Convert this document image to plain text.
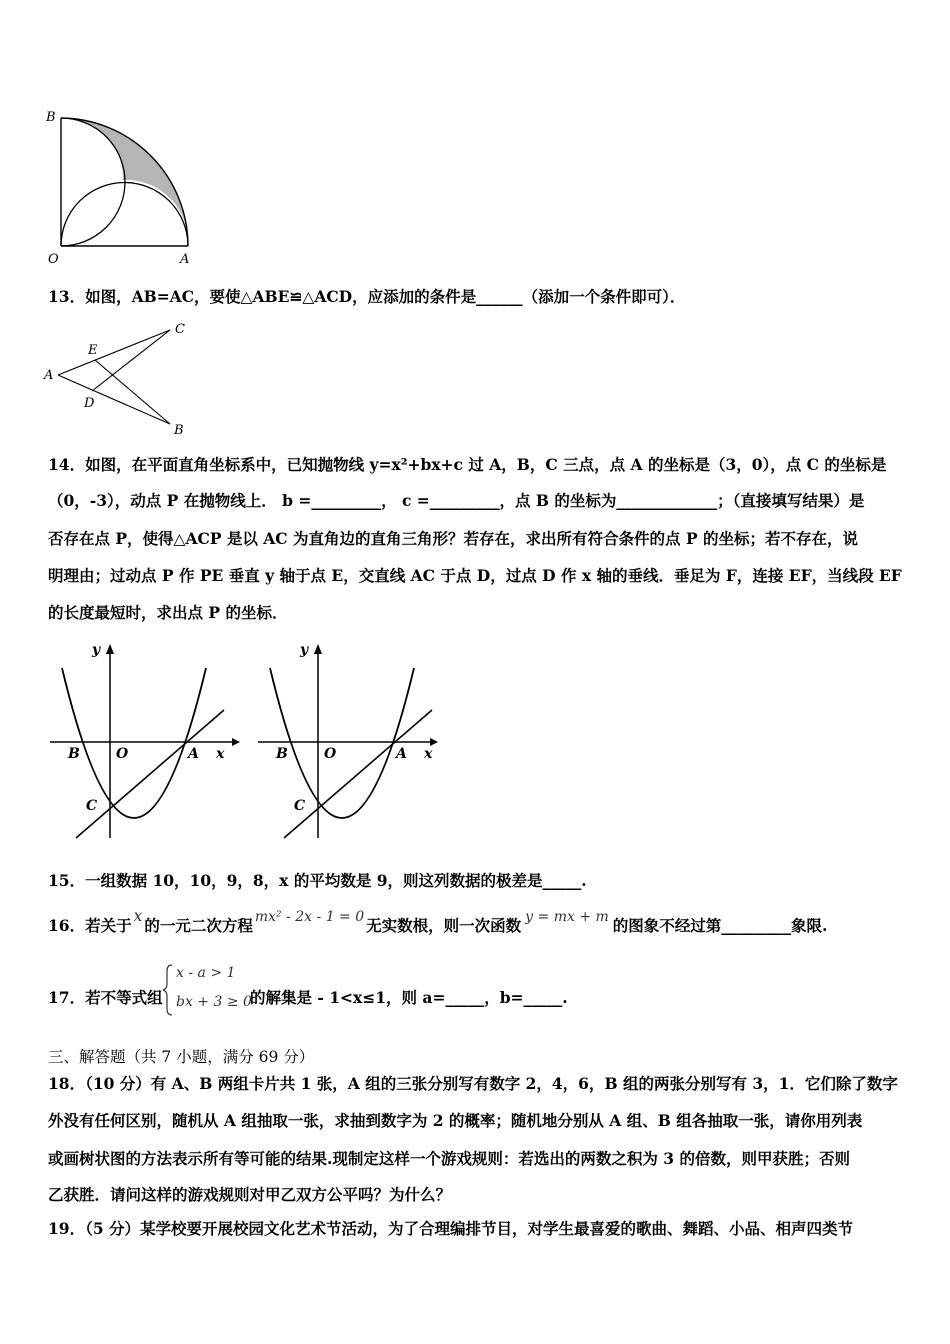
B
O	A
13．如图，AB=AC，要使△ABE≌△ACD，应添加的条件是______（添加一个条件即可）．
A
E
D
C
B
14．如图，在平面直角坐标系中，已知抛物线 y=x²+bx+c 过 A，B，C 三点，点 A 的坐标是（3，0），点 C 的坐标是
（0，-3），动点 P 在抛物线上． b =_________， c =_________，点 B 的坐标为_____________；（直接填写结果）是
否存在点 P，使得△ACP 是以 AC 为直角边的直角三角形？若存在，求出所有符合条件的点 P 的坐标；若不存在，说
明理由；过动点 P 作 PE 垂直 y 轴于点 E，交直线 AC 于点 D，过点 D 作 x 轴的垂线．垂足为 F，连接 EF，当线段 EF
的长度最短时，求出点 P 的坐标．
y
B	O	A x
C
y
B	O	A x
C
15．一组数据 10，10，9，8，x 的平均数是 9，则这列数据的极差是_____.
16．若关于 x 的一元二次方程 mx² - 2x - 1 = 0 无实数根，则一次函数 y = mx + m 的图象不经过第_________象限.
17．若不等式组
x - a > 1
bx + 3 ≥ 0
的解集是 - 1<x≤1，则 a=_____，b=_____.
三、解答题（共 7 小题，满分 69 分）
18．（10 分）有 A、B 两组卡片共 1 张，A 组的三张分别写有数字 2，4，6，B 组的两张分别写有 3，1．它们除了数字
外没有任何区别，随机从 A 组抽取一张，求抽到数字为 2 的概率；随机地分别从 A 组、B 组各抽取一张，请你用列表
或画树状图的方法表示所有等可能的结果.现制定这样一个游戏规则：若选出的两数之积为 3 的倍数，则甲获胜；否则
乙获胜．请问这样的游戏规则对甲乙双方公平吗？为什么？
19．（5 分）某学校要开展校园文化艺术节活动，为了合理编排节目，对学生最喜爱的歌曲、舞蹈、小品、相声四类节
